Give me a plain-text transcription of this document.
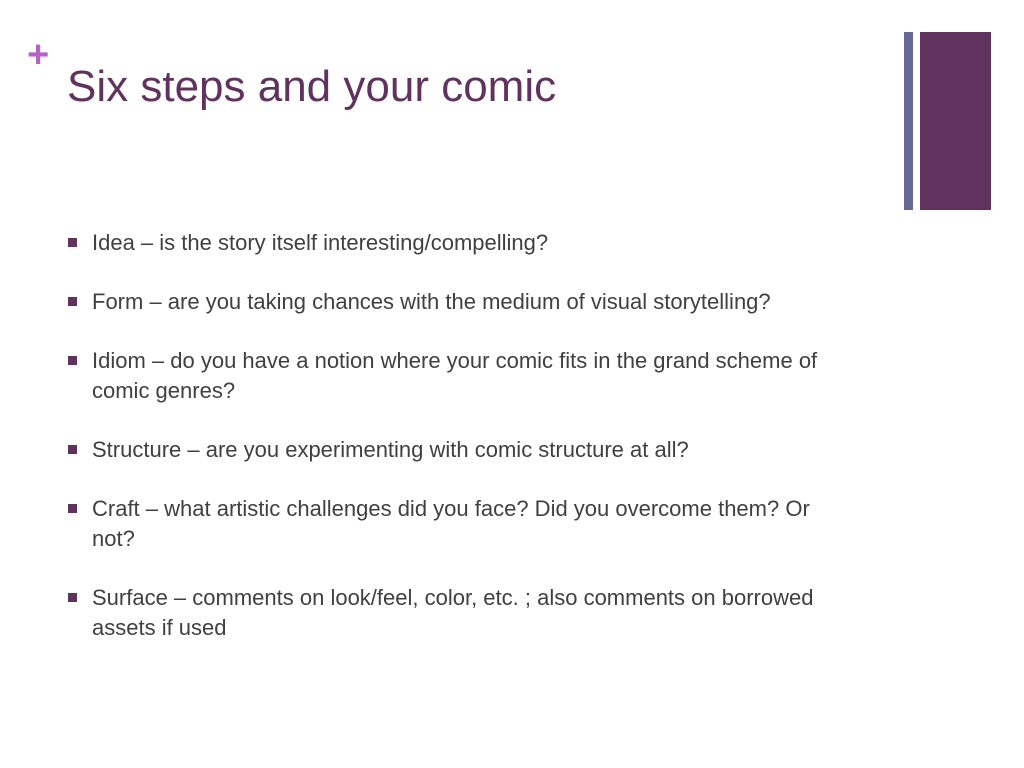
+
Six steps and your comic
Idea – is the story itself interesting/compelling?
Form – are you taking chances with the medium of visual storytelling?
Idiom – do you have a notion where your comic fits in the grand scheme of comic genres?
Structure – are you experimenting with comic structure at all?
Craft – what artistic challenges did you face? Did you overcome them? Or not?
Surface – comments on look/feel, color, etc. ; also comments on borrowed assets if used
